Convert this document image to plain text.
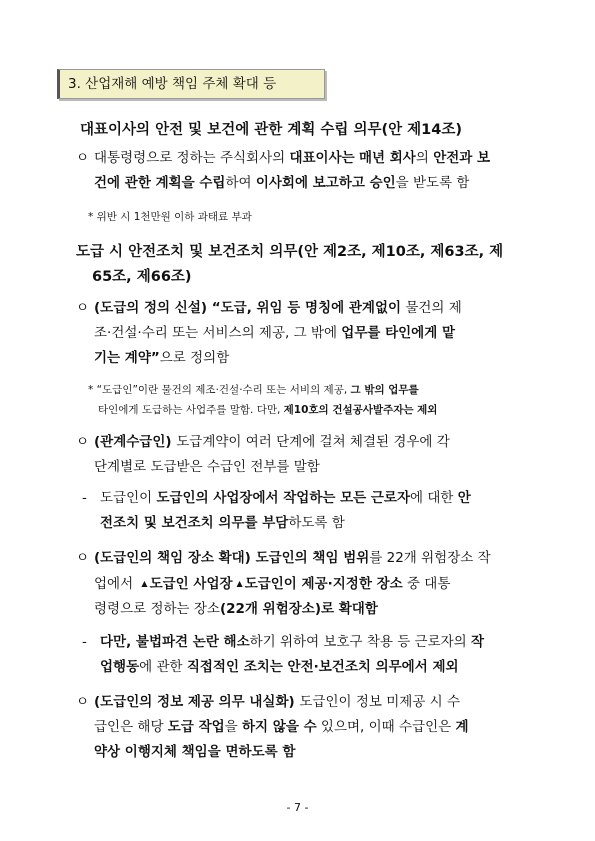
3. 산업재해 예방 책임 주체 확대 등
대표이사의 안전 및 보건에 관한 계획 수립 의무(안 제14조)
ㅇ 대통령령으로 정하는 주식회사의 대표이사는 매년 회사의 안전과 보
건에 관한 계획을 수립하여 이사회에 보고하고 승인을 받도록 함
* 위반 시 1천만원 이하 과태료 부과
도급 시 안전조치 및 보건조치 의무(안 제2조, 제10조, 제63조, 제
65조, 제66조)
ㅇ (도급의 정의 신설) “도급, 위임 등 명칭에 관계없이 물건의 제
조·건설·수리 또는 서비스의 제공, 그 밖에 업무를 타인에게 맡
기는 계약”으로 정의함
* “도급인”이란 물건의 제조·건설·수리 또는 서비의 제공, 그 밖의 업무를
타인에게 도급하는 사업주를 말함. 다만, 제10호의 건설공사발주자는 제외
ㅇ (관계수급인) 도급계약이 여러 단계에 걸쳐 체결된 경우에 각
단계별로 도급받은 수급인 전부를 말함
- 도급인이 도급인의 사업장에서 작업하는 모든 근로자에 대한 안
전조치 및 보건조치 의무를 부담하도록 함
ㅇ (도급인의 책임 장소 확대) 도급인의 책임 범위를 22개 위험장소 작
업에서 ▲ 도급인 사업장 ▲ 도급인이 제공·지정한 장소 중 대통
령령으로 정하는 장소(22개 위험장소)로 확대함
- 다만, 불법파견 논란 해소하기 위하여 보호구 착용 등 근로자의 작
업행동에 관한 직접적인 조치는 안전·보건조치 의무에서 제외
ㅇ (도급인의 정보 제공 의무 내실화) 도급인이 정보 미제공 시 수
급인은 해당 도급 작업을 하지 않을 수 있으며, 이때 수급인은 계
약상 이행지체 책임을 면하도록 함
- 7 -
